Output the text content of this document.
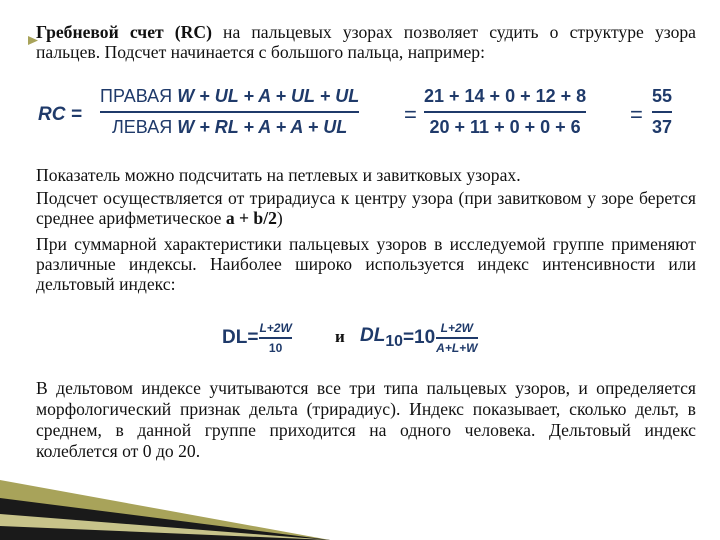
Гребневой счет (RC) на пальцевых узорах позволяет судить о структуре узора пальцев. Подсчет начинается с большого пальца, например:
RC =
ПРАВАЯ W + UL + A + UL + UL
ЛЕВАЯ W + RL + A + A + UL	=
21 + 14 + 0 + 12 + 8
20 + 11 + 0 + 0 + 6 =
55
37
Показатель можно подсчитать на петлевых и завитковых узорах.
Подсчет осуществляется от трирадиуса к центру узора (при завитковом у зоре берется среднее арифметическое a + b/2)
При суммарной характеристики пальцевых узоров в исследуемой группе применяют различные индексы. Наиболее широко используется индекс интенсивности или дельтовый индекс:
$DL= \frac{L+2W}{10}$	и $DL_{10} =10 \frac{L+2W}{A+L+W}$
В дельтовом индексе учитываются все три типа пальцевых узоров, и определяется морфологический признак дельта (трирадиус). Индекс показывает, сколько дельт, в среднем, в данной группе приходится на одного человека. Дельтовый индекс колеблется от 0 до 20.
